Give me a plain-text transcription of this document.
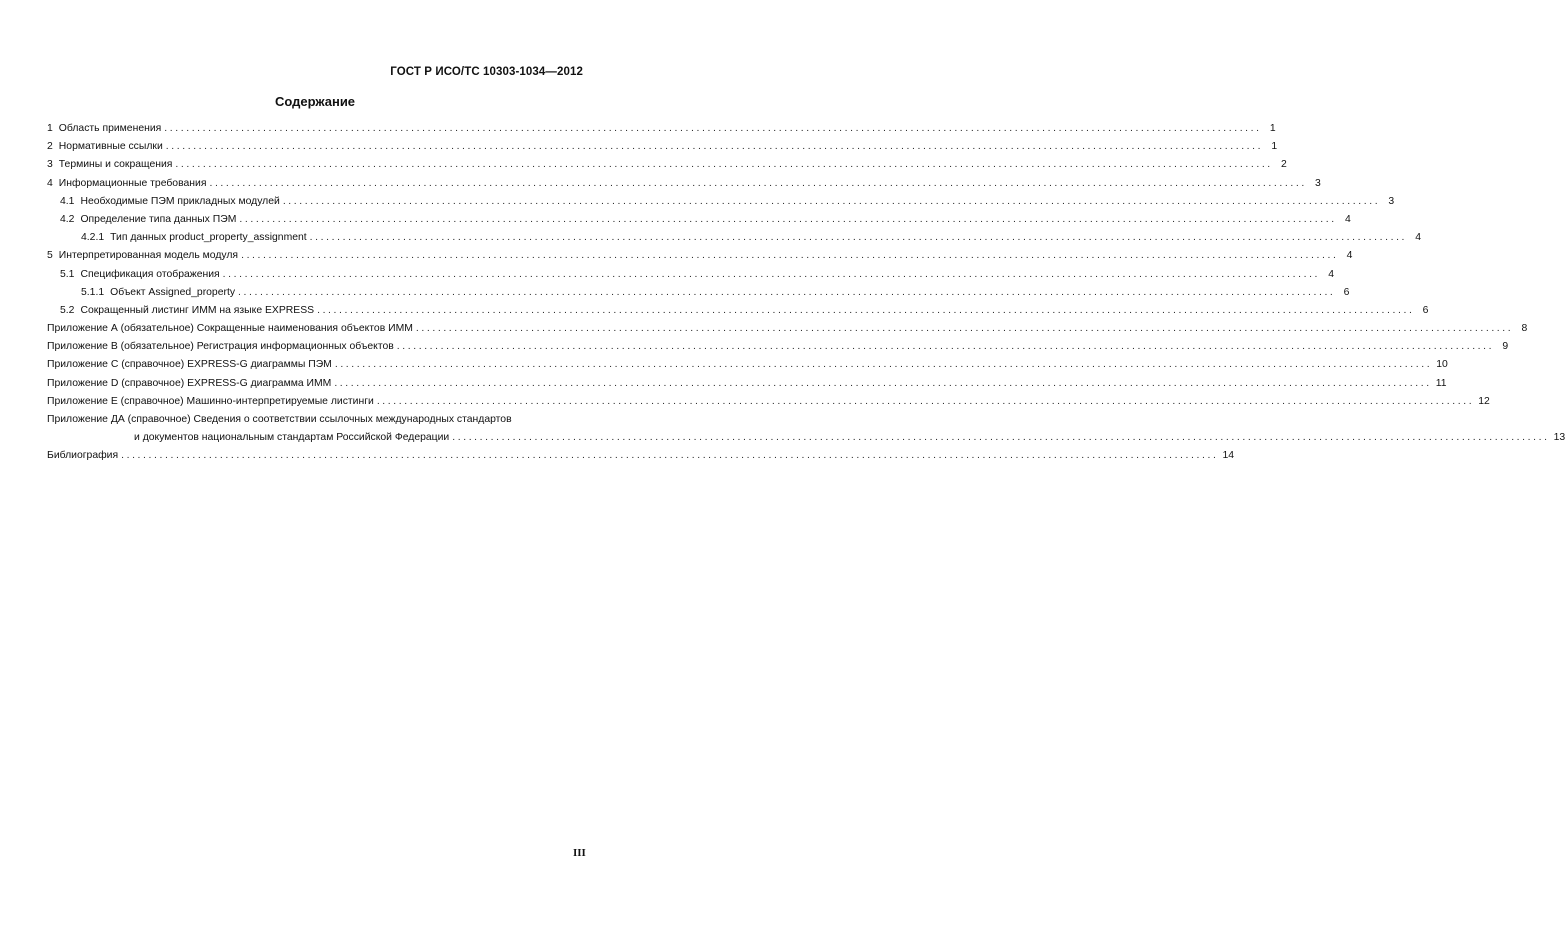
ГОСТ Р ИСО/ТС 10303-1034—2012
Содержание
1 Область применения ........................................................................................................................................................................................................ 1
2 Нормативные ссылки ........................................................................................................................................................................................................ 1
3 Термины и сокращения ........................................................................................................................................................................................................ 2
4 Информационные требования ........................................................................................................................................................................................................ 3
4.1 Необходимые ПЭМ прикладных модулей ........................................................................................................................................................................................................ 3
4.2 Определение типа данных ПЭМ ........................................................................................................................................................................................................ 4
4.2.1 Тип данных product_property_assignment ........................................................................................................................................................................................................ 4
5 Интерпретированная модель модуля ........................................................................................................................................................................................................ 4
5.1 Спецификация отображения ........................................................................................................................................................................................................ 4
5.1.1 Объект Assigned_property ........................................................................................................................................................................................................ 6
5.2 Сокращенный листинг ИММ на языке EXPRESS ........................................................................................................................................................................................................ 6
Приложение А (обязательное) Сокращенные наименования объектов ИММ ........................................................................................................................................................................................................ 8
Приложение В (обязательное) Регистрация информационных объектов ........................................................................................................................................................................................................ 9
Приложение С (справочное) EXPRESS-G диаграммы ПЭМ ........................................................................................................................................................................................................ 10
Приложение D (справочное) EXPRESS-G диаграмма ИММ ........................................................................................................................................................................................................ 11
Приложение Е (справочное) Машинно-интерпретируемые листинги ........................................................................................................................................................................................................ 12
Приложение ДА (справочное) Сведения о соответствии ссылочных международных стандартов
и документов национальным стандартам Российской Федерации ........................................................................................................................................................................................................ 13
Библиография ........................................................................................................................................................................................................ 14
III
